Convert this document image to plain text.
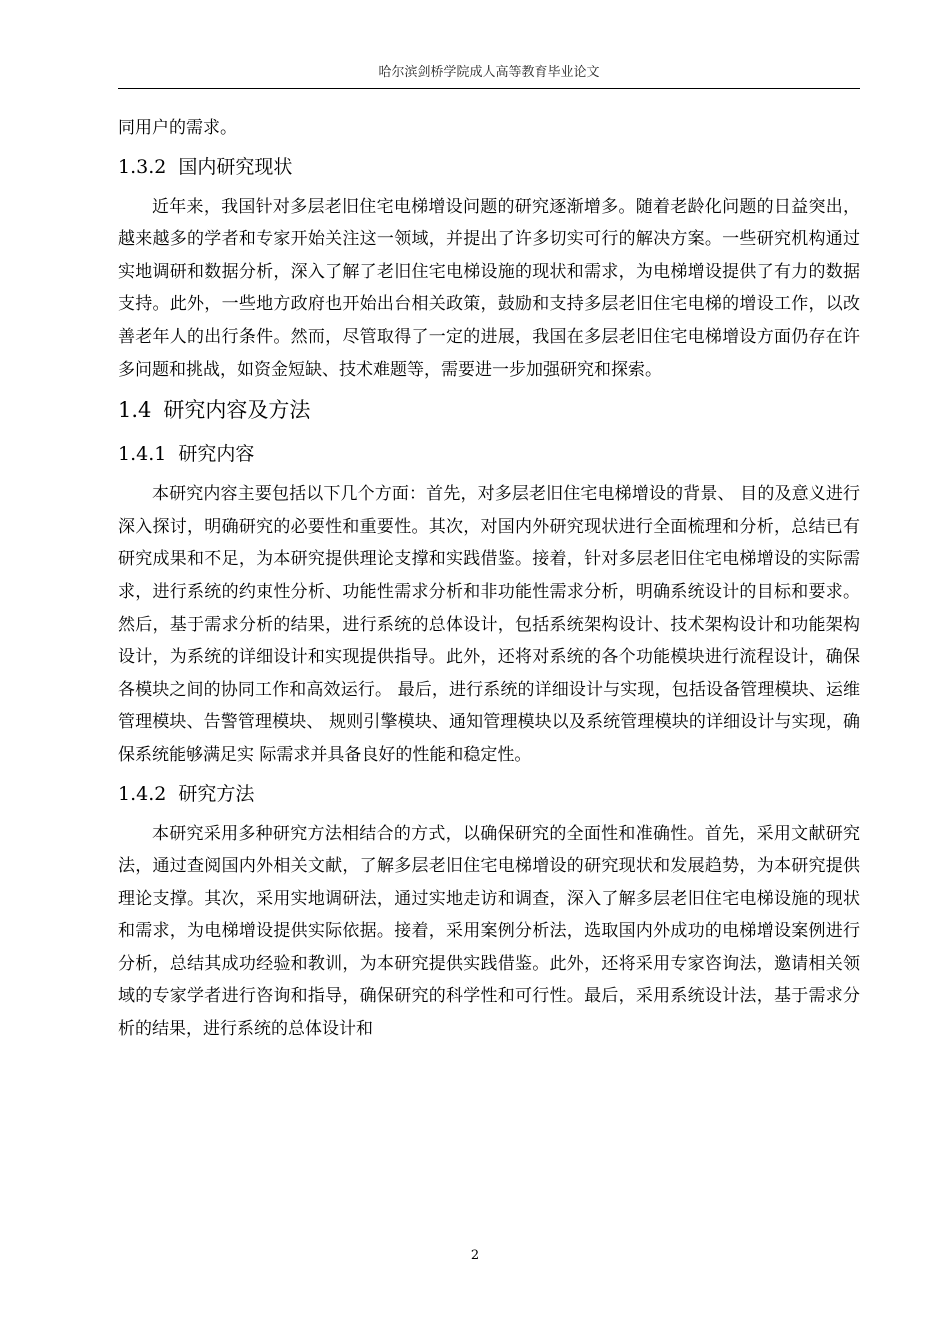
哈尔滨剑桥学院成人高等教育毕业论文

同用户的需求。

1.3.2 国内研究现状

近年来，我国针对多层老旧住宅电梯增设问题的研究逐渐增多。随着老龄化问题的日益突出，越来越多的学者和专家开始关注这一领域，并提出了许多切实可行的解决方案。一些研究机构通过实地调研和数据分析，深入了解了老旧住宅电梯设施的现状和需求，为电梯增设提供了有力的数据支持。此外，一些地方政府也开始出台相关政策，鼓励和支持多层老旧住宅电梯的增设工作，以改善老年人的出行条件。然而，尽管取得了一定的进展，我国在多层老旧住宅电梯增设方面仍存在许多问题和挑战，如资金短缺、技术难题等，需要进一步加强研究和探索。

1.4 研究内容及方法
1.4.1 研究内容

本研究内容主要包括以下几个方面：首先，对多层老旧住宅电梯增设的背景、 目的及意义进行深入探讨，明确研究的必要性和重要性。其次，对国内外研究现状进行全面梳理和分析，总结已有研究成果和不足，为本研究提供理论支撑和实践借鉴。接着，针对多层老旧住宅电梯增设的实际需求，进行系统的约束性分析、功能性需求分析和非功能性需求分析，明确系统设计的目标和要求。然后，基于需求分析的结果，进行系统的总体设计，包括系统架构设计、技术架构设计和功能架构设计，为系统的详细设计和实现提供指导。此外，还将对系统的各个功能模块进行流程设计，确保各模块之间的协同工作和高效运行。 最后，进行系统的详细设计与实现，包括设备管理模块、运维管理模块、告警管理模块、 规则引擎模块、通知管理模块以及系统管理模块的详细设计与实现，确保系统能够满足实 际需求并具备良好的性能和稳定性。

1.4.2 研究方法

本研究采用多种研究方法相结合的方式，以确保研究的全面性和准确性。首先，采用文献研究法，通过查阅国内外相关文献，了解多层老旧住宅电梯增设的研究现状和发展趋势，为本研究提供理论支撑。其次，采用实地调研法，通过实地走访和调查，深入了解多层老旧住宅电梯设施的现状和需求，为电梯增设提供实际依据。接着，采用案例分析法，选取国内外成功的电梯增设案例进行分析，总结其成功经验和教训，为本研究提供实践借鉴。此外，还将采用专家咨询法，邀请相关领域的专家学者进行咨询和指导，确保研究的科学性和可行性。最后，采用系统设计法，基于需求分析的结果，进行系统的总体设计和

2
